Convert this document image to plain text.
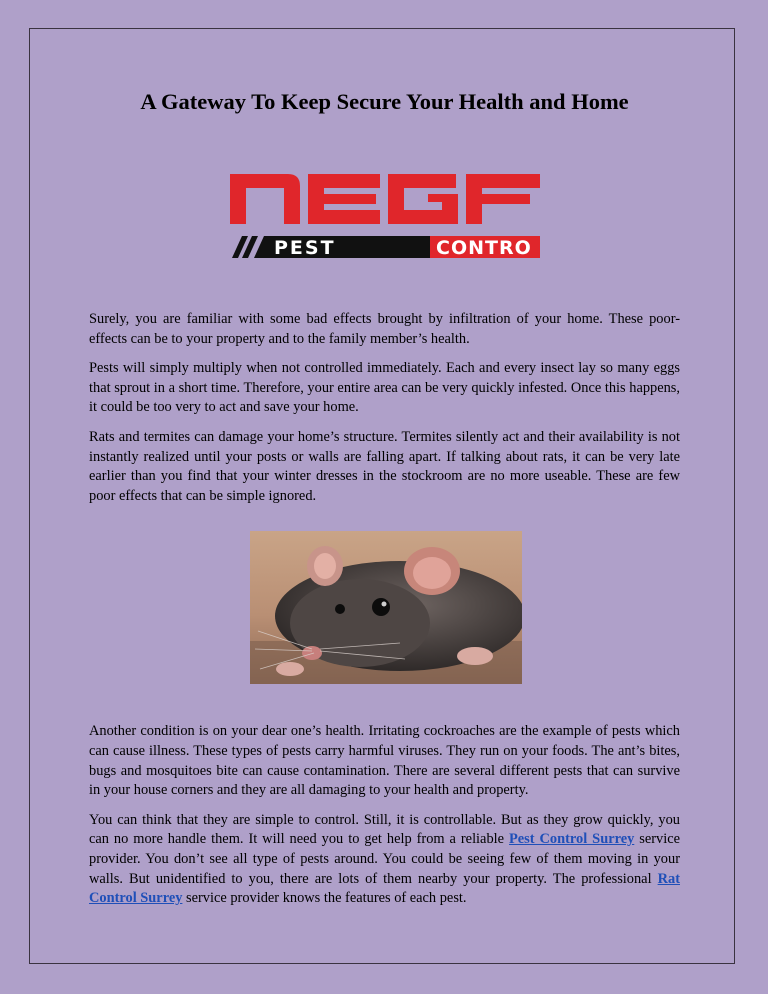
A Gateway To Keep Secure Your Health and Home
PEST	CONTRO

Surely, you are familiar with some bad effects brought by infiltration of your home. These poor-effects can be to your property and to the family member’s health.

Pests will simply multiply when not controlled immediately. Each and every insect lay so many eggs that sprout in a short time. Therefore, your entire area can be very quickly infested. Once this happens, it could be too very to act and save your home.

Rats and termites can damage your home’s structure. Termites silently act and their availability is not instantly realized until your posts or walls are falling apart. If talking about rats, it can be very late earlier than you find that your winter dresses in the stockroom are no more useable. These are few poor effects that can be simple ignored.

Another condition is on your dear one’s health. Irritating cockroaches are the example of pests which can cause illness. These types of pests carry harmful viruses. They run on your foods. The ant’s bites, bugs and mosquitoes bite can cause contamination. There are several different pests that can survive in your house corners and they are all damaging to your health and property.

You can think that they are simple to control. Still, it is controllable. But as they grow quickly, you can no more handle them. It will need you to get help from a reliable Pest Control Surrey service provider. You don’t see all type of pests around. You could be seeing few of them moving in your walls. But unidentified to you, there are lots of them nearby your property. The professional Rat Control Surrey service provider knows the features of each pest.
